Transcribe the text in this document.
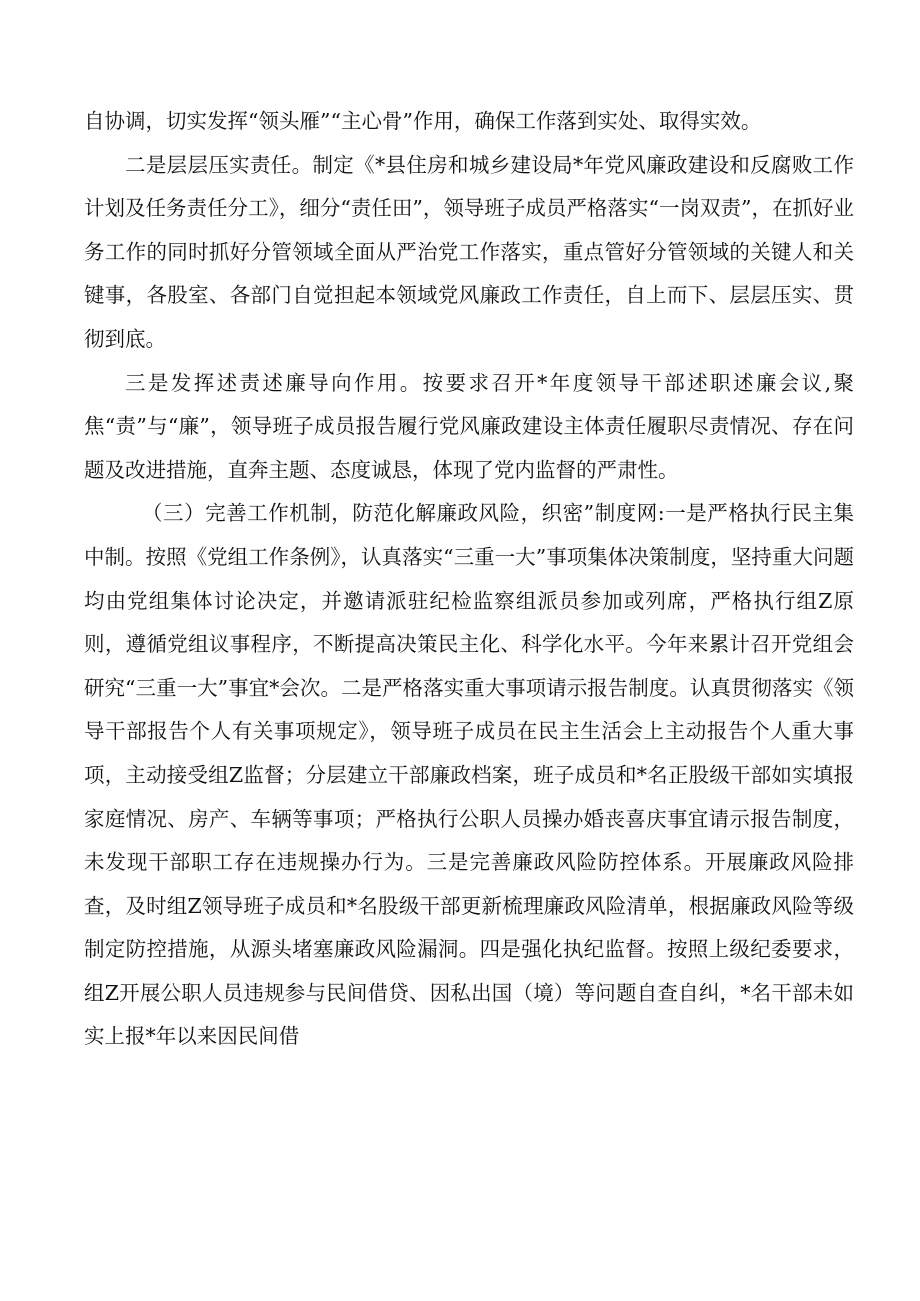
自协调，切实发挥“领头雁”“主心骨”作用，确保工作落到实处、取得实效。

二是层层压实责任。制定《*县住房和城乡建设局*年党风廉政建设和反腐败工作计划及任务责任分工》，细分“责任田”，领导班子成员严格落实“一岗双责”，在抓好业务工作的同时抓好分管领域全面从严治党工作落实，重点管好分管领域的关键人和关键事，各股室、各部门自觉担起本领域党风廉政工作责任，自上而下、层层压实、贯彻到底。

三是发挥述责述廉导向作用。按要求召开*年度领导干部述职述廉会议,聚焦“责”与“廉”，领导班子成员报告履行党风廉政建设主体责任履职尽责情况、存在问题及改进措施，直奔主题、态度诚恳，体现了党内监督的严肃性。

（三）完善工作机制，防范化解廉政风险，织密”制度网:一是严格执行民主集中制。按照《党组工作条例》，认真落实“三重一大”事项集体决策制度，坚持重大问题均由党组集体讨论决定，并邀请派驻纪检监察组派员参加或列席，严格执行组Z原则，遵循党组议事程序，不断提高决策民主化、科学化水平。今年来累计召开党组会研究“三重一大”事宜*会次。二是严格落实重大事项请示报告制度。认真贯彻落实《领导干部报告个人有关事项规定》，领导班子成员在民主生活会上主动报告个人重大事项，主动接受组Z监督；分层建立干部廉政档案，班子成员和*名正股级干部如实填报家庭情况、房产、车辆等事项；严格执行公职人员操办婚丧喜庆事宜请示报告制度，未发现干部职工存在违规操办行为。三是完善廉政风险防控体系。开展廉政风险排查，及时组Z领导班子成员和*名股级干部更新梳理廉政风险清单，根据廉政风险等级制定防控措施，从源头堵塞廉政风险漏洞。四是强化执纪监督。按照上级纪委要求，组Z开展公职人员违规参与民间借贷、因私出国（境）等问题自查自纠，*名干部未如实上报*年以来因民间借
